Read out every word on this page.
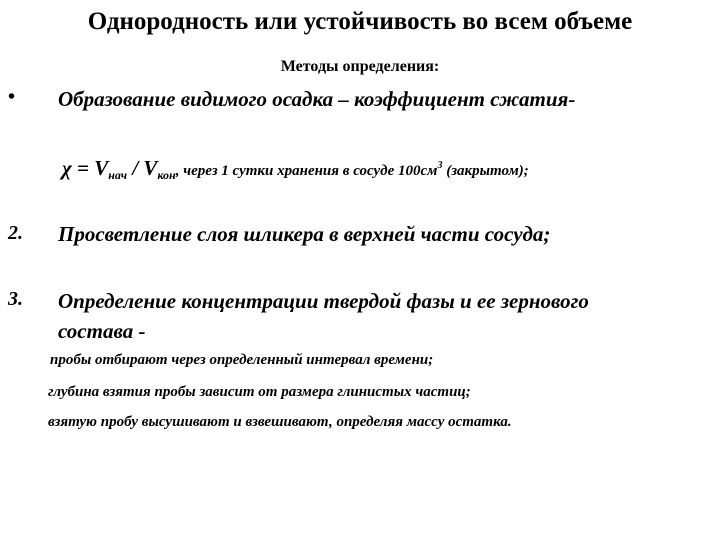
Однородность или устойчивость во всем объеме
Методы определения:
• Образование видимого осадка – коэффициент сжатия-
$\chi = V_{нач} / V_{кон}$, через 1 сутки хранения в сосуде $100см^3$ (закрытом);
2. Просветление слоя шликера в верхней части сосуда;
3. Определение концентрации твердой фазы и ее зернового
состава -
пробы отбирают через определенный интервал времени;
глубина взятия пробы зависит от размера глинистых частиц;
взятую пробу высушивают и взвешивают, определяя массу остатка.
